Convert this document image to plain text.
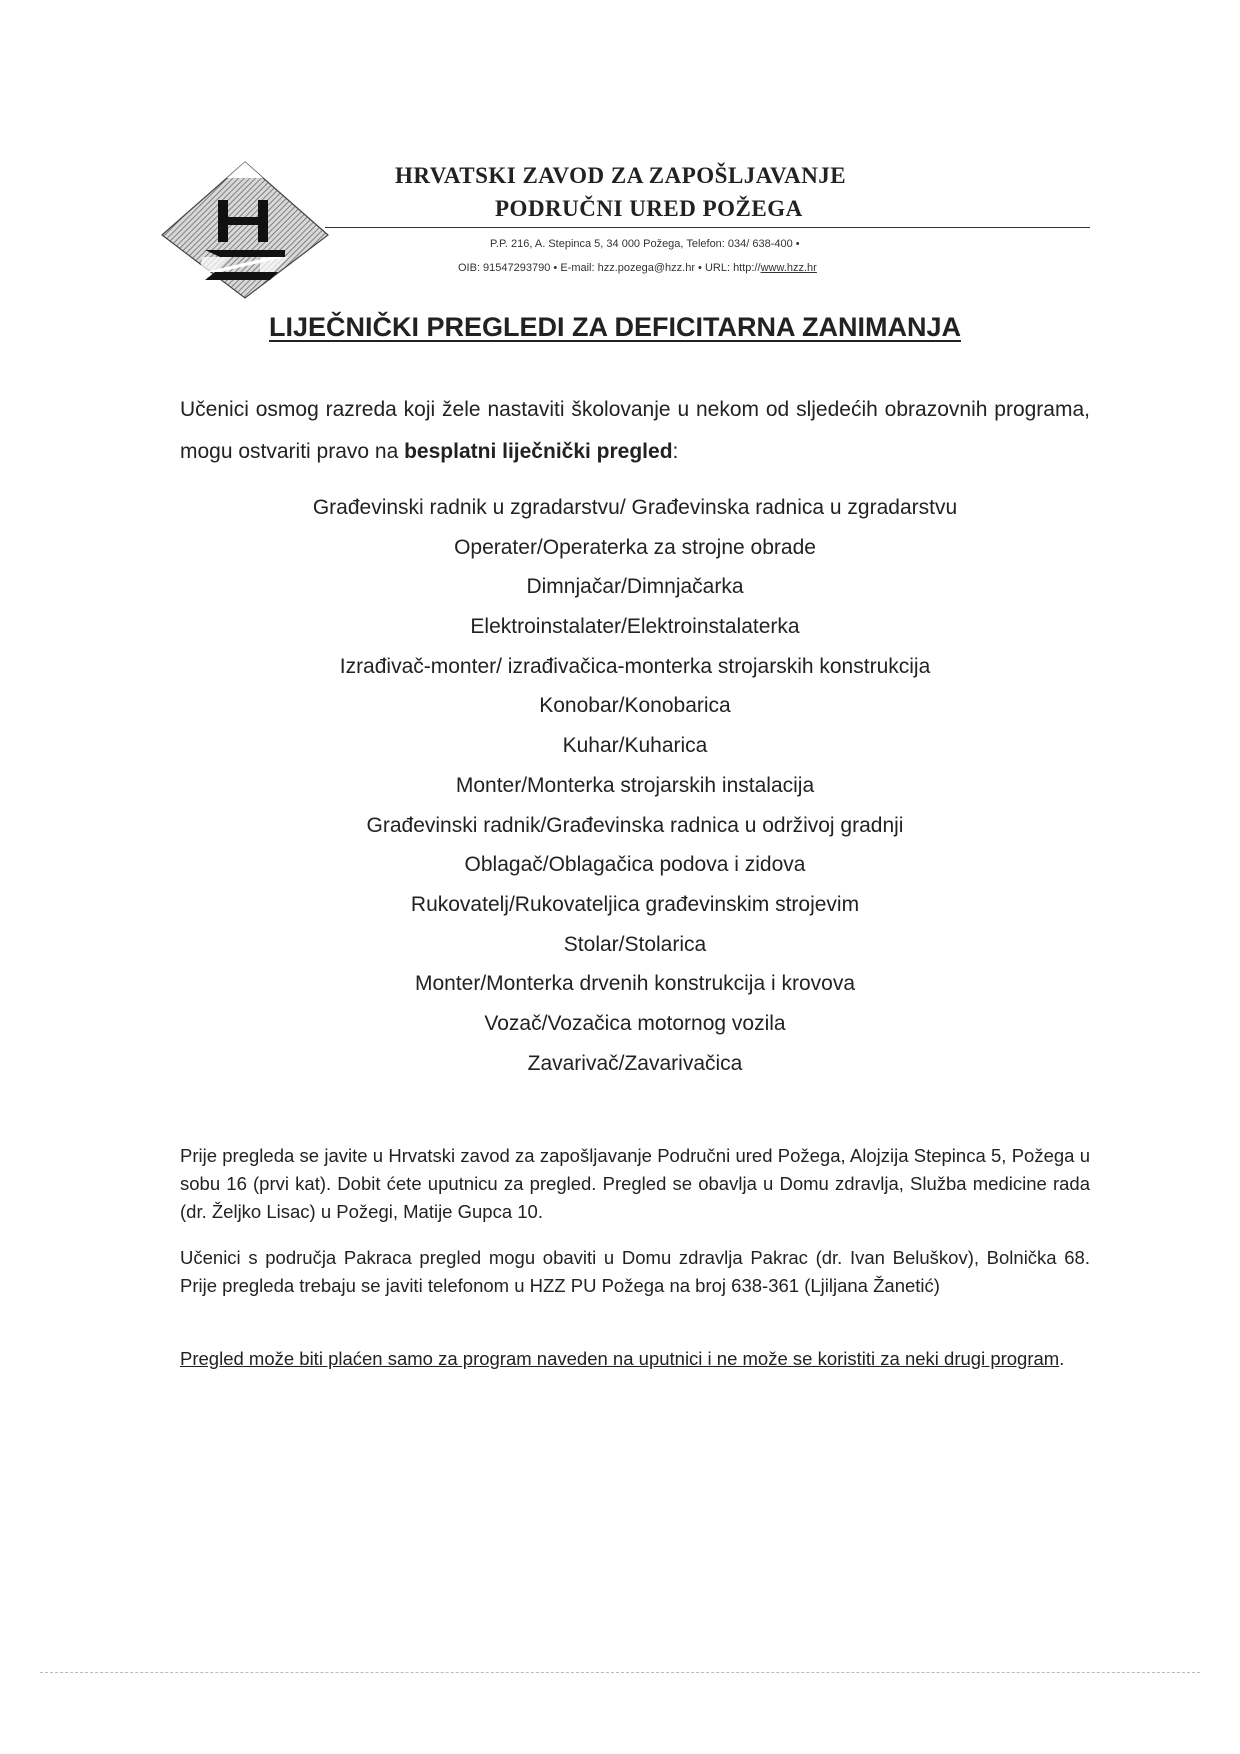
HRVATSKI ZAVOD ZA ZAPOŠLJAVANJE
PODRUČNI URED POŽEGA
P.P. 216, A. Stepinca 5, 34 000 Požega, Telefon: 034/ 638-400 •
OIB: 91547293790 • E-mail: hzz.pozega@hzz.hr • URL: http://www.hzz.hr
LIJEČNIČKI PREGLEDI ZA DEFICITARNA ZANIMANJA

Učenici osmog razreda koji žele nastaviti školovanje u nekom od sljedećih obrazovnih programa, mogu ostvariti pravo na besplatni liječnički pregled:

Građevinski radnik u zgradarstvu/ Građevinska radnica u zgradarstvu
Operater/Operaterka za strojne obrade
Dimnjačar/Dimnjačarka
Elektroinstalater/Elektroinstalaterka
Izrađivač-monter/ izrađivačica-monterka strojarskih konstrukcija
Konobar/Konobarica
Kuhar/Kuharica
Monter/Monterka strojarskih instalacija
Građevinski radnik/Građevinska radnica u održivoj gradnji
Oblagač/Oblagačica podova i zidova
Rukovatelj/Rukovateljica građevinskim strojevim
Stolar/Stolarica
Monter/Monterka drvenih konstrukcija i krovova
Vozač/Vozačica motornog vozila
Zavarivač/Zavarivačica

Prije pregleda se javite u Hrvatski zavod za zapošljavanje Područni ured Požega, Alojzija Stepinca 5, Požega u sobu 16 (prvi kat). Dobit ćete uputnicu za pregled. Pregled se obavlja u Domu zdravlja, Služba medicine rada (dr. Željko Lisac) u Požegi, Matije Gupca 10.

Učenici s područja Pakraca pregled mogu obaviti u Domu zdravlja Pakrac (dr. Ivan Beluškov), Bolnička 68. Prije pregleda trebaju se javiti telefonom u HZZ PU Požega na broj 638-361 (Ljiljana Žanetić)

Pregled može biti plaćen samo za program naveden na uputnici i ne može se koristiti za neki drugi program.
